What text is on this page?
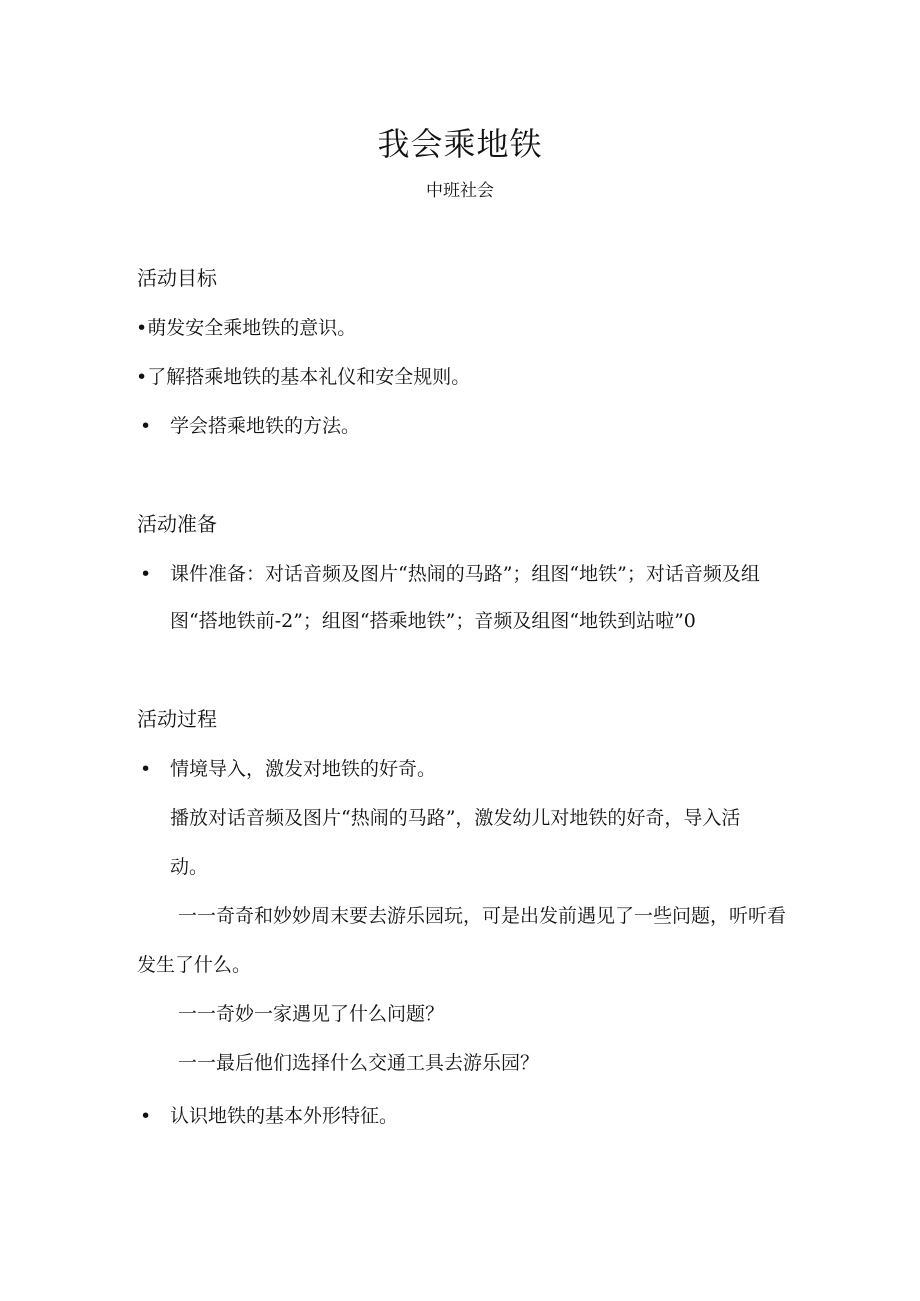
我会乘地铁
中班社会
活动目标
•萌发安全乘地铁的意识。
•了解搭乘地铁的基本礼仪和安全规则。
• 学会搭乘地铁的方法。
活动准备
• 课件准备：对话音频及图片“热闹的马路”；组图“地铁”；对话音频及组
图“搭地铁前-2”；组图“搭乘地铁”；音频及组图“地铁到站啦”0
活动过程
• 情境导入，激发对地铁的好奇。
播放对话音频及图片“热闹的马路”，激发幼儿对地铁的好奇，导入活
动。
一一奇奇和妙妙周末要去游乐园玩，可是出发前遇见了一些问题，听听看
发生了什么。
一一奇妙一家遇见了什么问题？
一一最后他们选择什么交通工具去游乐园？
• 认识地铁的基本外形特征。
